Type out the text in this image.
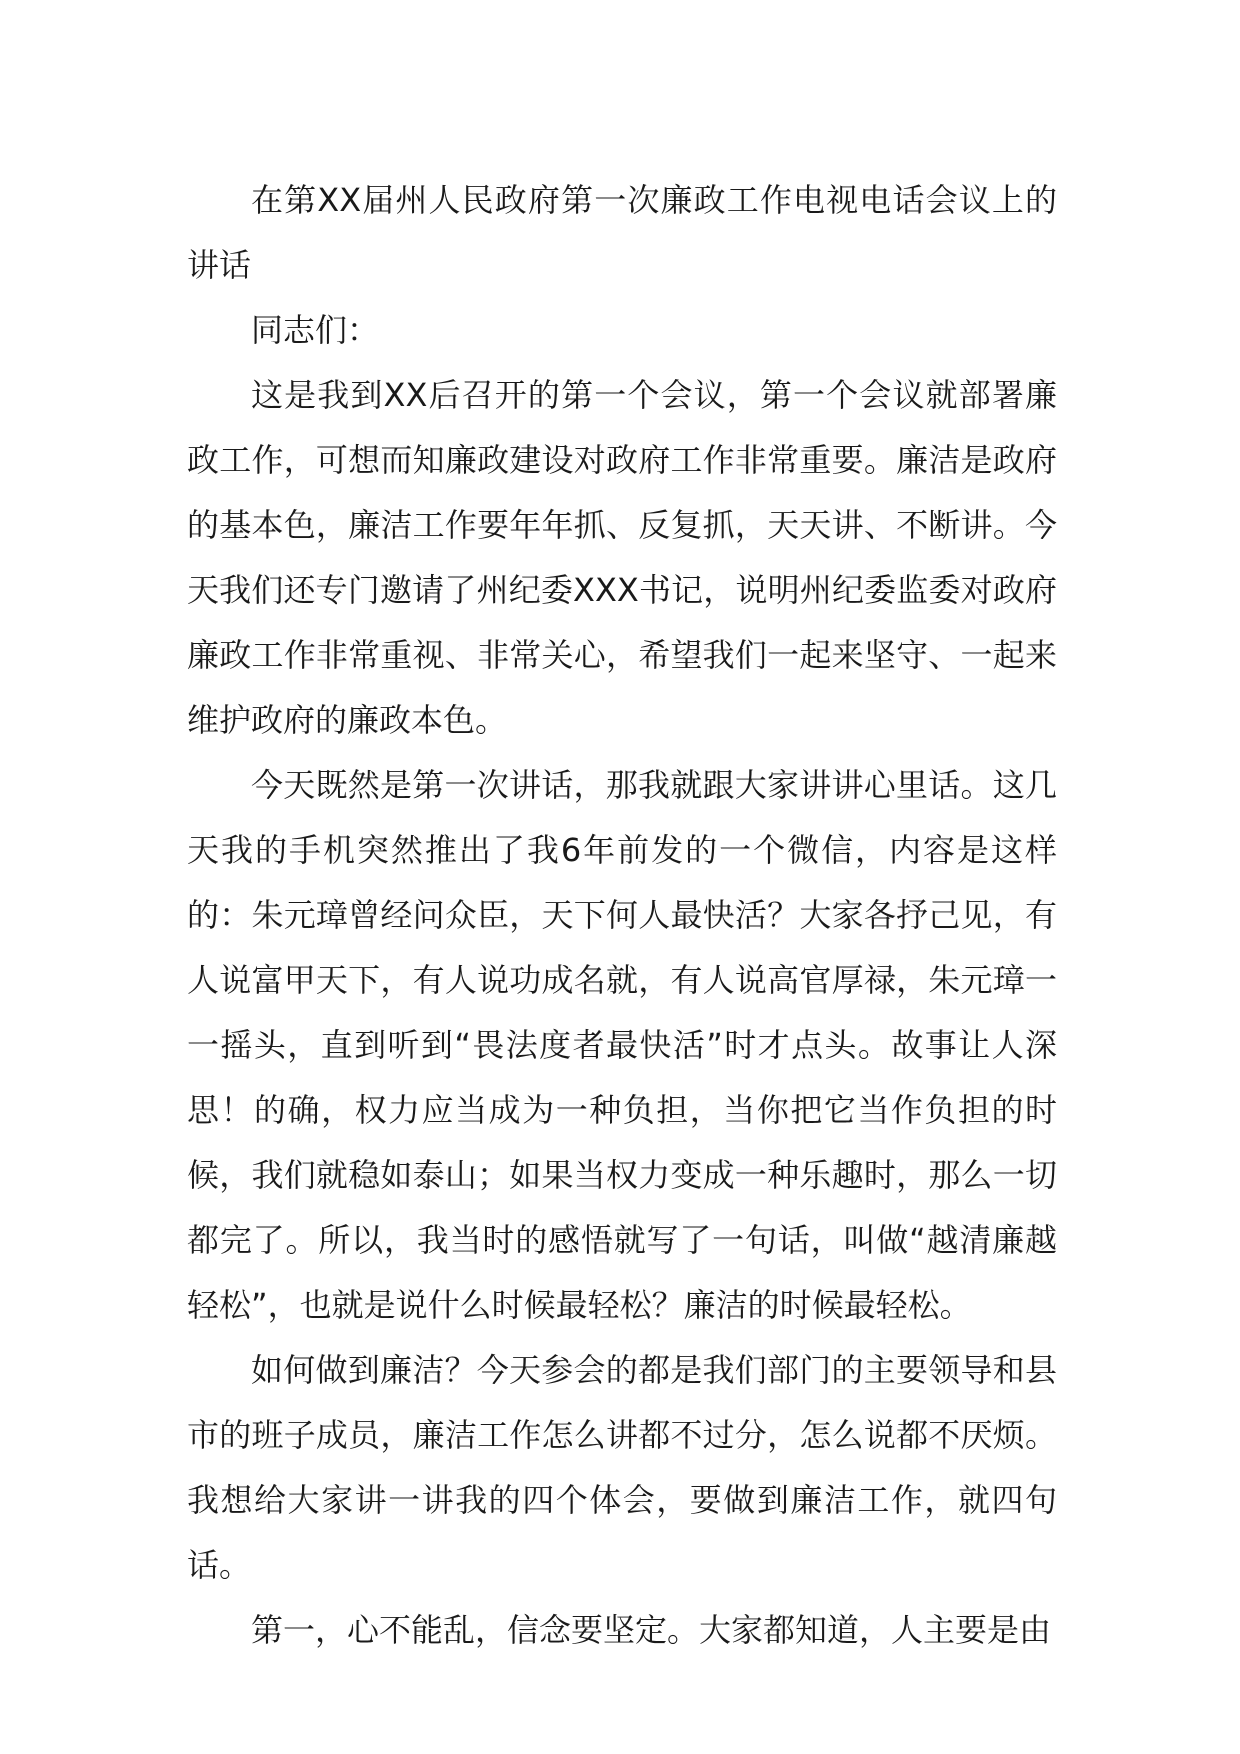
在第XX届州人民政府第一次廉政工作电视电话会议上的讲话

同志们：

这是我到XX后召开的第一个会议，第一个会议就部署廉政工作，可想而知廉政建设对政府工作非常重要。廉洁是政府的基本色，廉洁工作要年年抓、反复抓，天天讲、不断讲。今天我们还专门邀请了州纪委XXX书记，说明州纪委监委对政府廉政工作非常重视、非常关心，希望我们一起来坚守、一起来维护政府的廉政本色。

今天既然是第一次讲话，那我就跟大家讲讲心里话。这几天我的手机突然推出了我6年前发的一个微信，内容是这样的：朱元璋曾经问众臣，天下何人最快活？大家各抒己见，有人说富甲天下，有人说功成名就，有人说高官厚禄，朱元璋一一摇头，直到听到“畏法度者最快活”时才点头。故事让人深思！的确，权力应当成为一种负担，当你把它当作负担的时候，我们就稳如泰山；如果当权力变成一种乐趣时，那么一切都完了。所以，我当时的感悟就写了一句话，叫做“越清廉越轻松”，也就是说什么时候最轻松？廉洁的时候最轻松。

如何做到廉洁？今天参会的都是我们部门的主要领导和县市的班子成员，廉洁工作怎么讲都不过分，怎么说都不厌烦。我想给大家讲一讲我的四个体会，要做到廉洁工作，就四句话。

第一，心不能乱，信念要坚定。大家都知道，人主要是由
